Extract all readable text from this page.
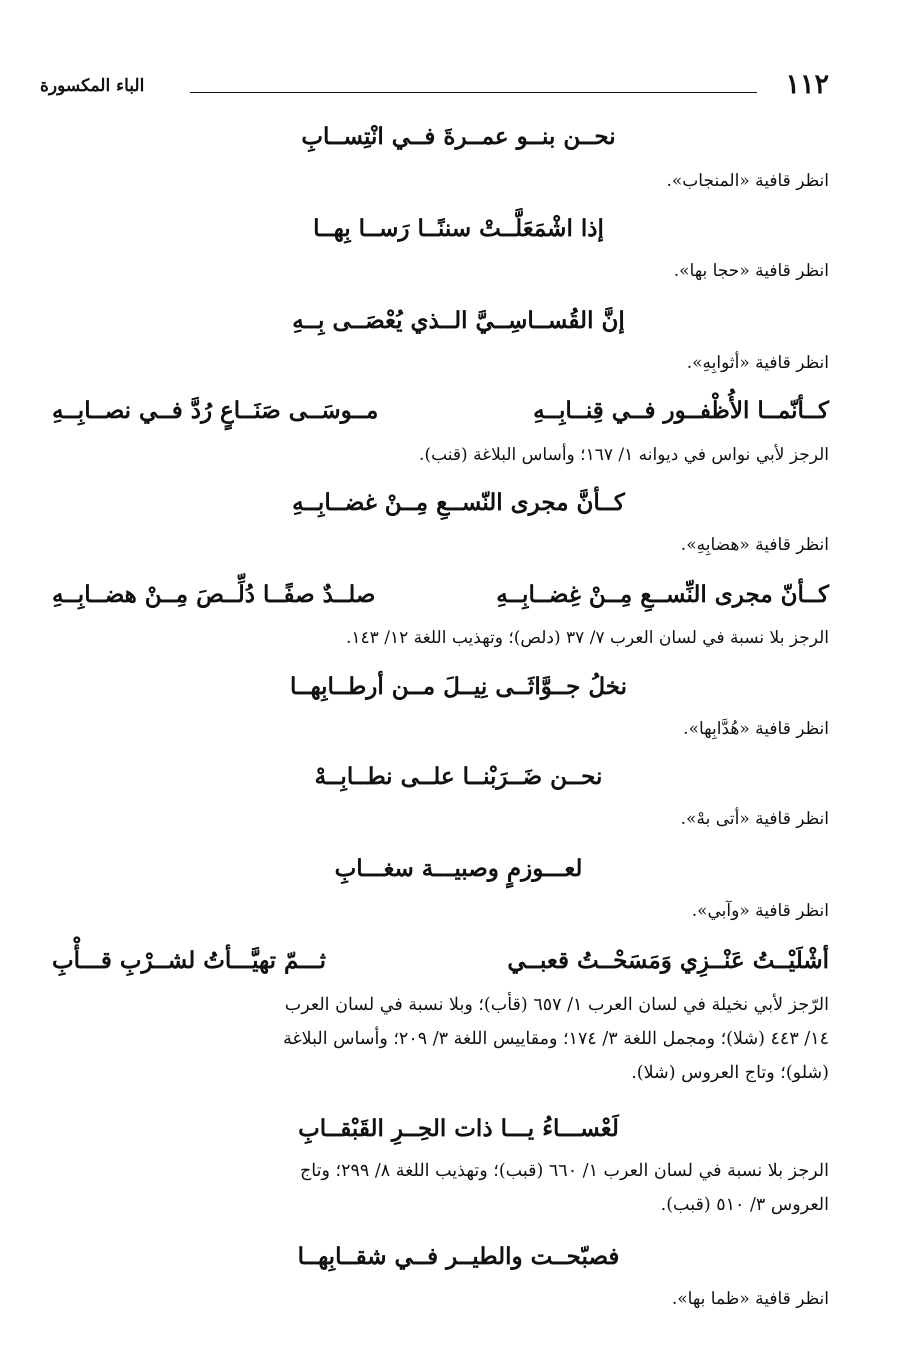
١١٢
الباء المكسورة
نحــن بنــو عمــرةَ فــي انْتِســابِ
انظر قافية «المنجاب».
إذا اشْمَعَلَّــتْ سننًــا رَســا بِهــا
انظر قافية «حجا بها».
إنَّ القُســاسِــيَّ الــذي يُعْصَــى بِــهِ
انظر قافية «أثوابِهِ».
كــأنّمــا الأُظْفــور فــي قِنــابِــهِ
مــوسَــى صَنَــاعٍ رُدَّ فــي نصــابِــهِ
الرجز لأبي نواس في ديوانه ١/ ١٦٧؛ وأساس البلاغة (قنب).
كــأنَّ مجرى النّســعِ مِــنْ غضــابِــهِ
انظر قافية «هضابِهِ».
كــأنّ مجرى النِّســعِ مِــنْ غِضــابِــهِ
صلــدٌ صفًــا دُلِّــصَ مِــنْ هضــابِــهِ
الرجز بلا نسبة في لسان العرب ٧/ ٣٧ (دلص)؛ وتهذيب اللغة ١٢/ ١٤٣.
نخلُ جــوَّاثَــى نِيــلَ مــن أرطــابِهــا
انظر قافية «هُدَّابِها».
نحــن ضَــرَبْنــا علــى نطــابِــهْ
انظر قافية «أتى بهْ».
لعـــوزمٍ وصبيـــة سغـــابِ
انظر قافية «وآبي».
أشْلَيْــتُ عَنْــزِي وَمَسَحْــتُ قعبــي
ثـــمّ تهيَّـــأتُ لشــرْبِ قـــأْبِ
الرّجز لأبي نخيلة في لسان العرب ١/ ٦٥٧ (قأب)؛ وبلا نسبة في لسان العرب
١٤/ ٤٤٣ (شلا)؛ ومجمل اللغة ٣/ ١٧٤؛ ومقاييس اللغة ٣/ ٢٠٩؛ وأساس البلاغة
(شلو)؛ وتاج العروس (شلا).
لَعْســـاءُ يـــا ذات الحِــرِ القَبْقــابِ
الرجز بلا نسبة في لسان العرب ١/ ٦٦٠ (قبب)؛ وتهذيب اللغة ٨/ ٢٩٩؛ وتاج
العروس ٣/ ٥١٠ (قبب).
فصبّحــت والطيــر فــي شقــابِهــا
انظر قافية «ظما بها».
